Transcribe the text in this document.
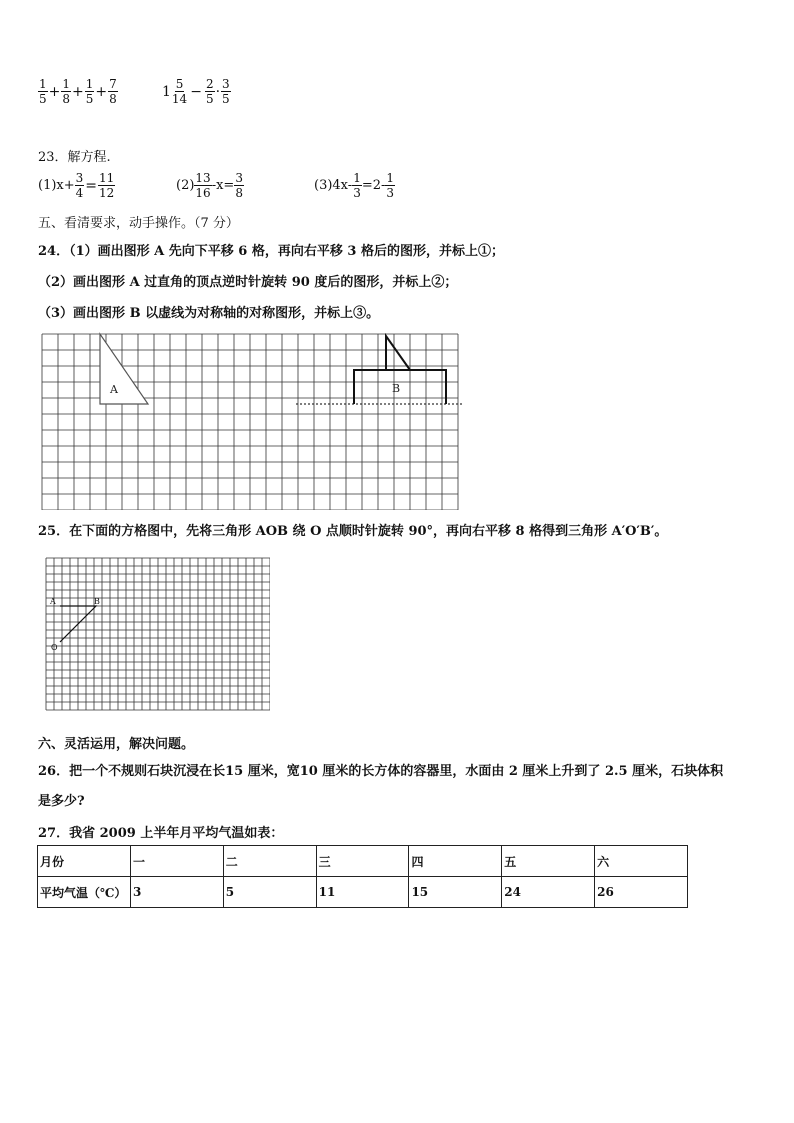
$\frac{1}{5} + \frac{1}{8} + \frac{1}{5} + \frac{7}{8}$	$1 \frac{5}{14} - \frac{2}{5} \cdot \frac{3}{5}$
23．解方程.
$(1)x+ \frac{3}{4} = \frac{11}{12}$	$(2) \frac{13}{16} -x= \frac{3}{8}$	$(3)4x- \frac{1}{3} =2- \frac{1}{3}$
五、看清要求，动手操作。（7 分）
24．（1）画出图形 A 先向下平移 6 格，再向右平移 3 格后的图形，并标上①；
（2）画出图形 A 过直角的顶点逆时针旋转 90 度后的图形，并标上②；
（3）画出图形 B 以虚线为对称轴的对称图形，并标上③。
A	B
25．在下面的方格图中，先将三角形 AOB 绕 O 点顺时针旋转 90°，再向右平移 8 格得到三角形 A′O′B′。
A	B
O
六、灵活运用，解决问题。
26．把一个不规则石块沉浸在长15 厘米，宽10 厘米的长方体的容器里，水面由 2 厘米上升到了 2.5 厘米，石块体积
是多少?
27．我省 2009 上半年月平均气温如表：
月份	一	二	三	四	五	六
平均气温（℃）	3	5	11	15	24	26
